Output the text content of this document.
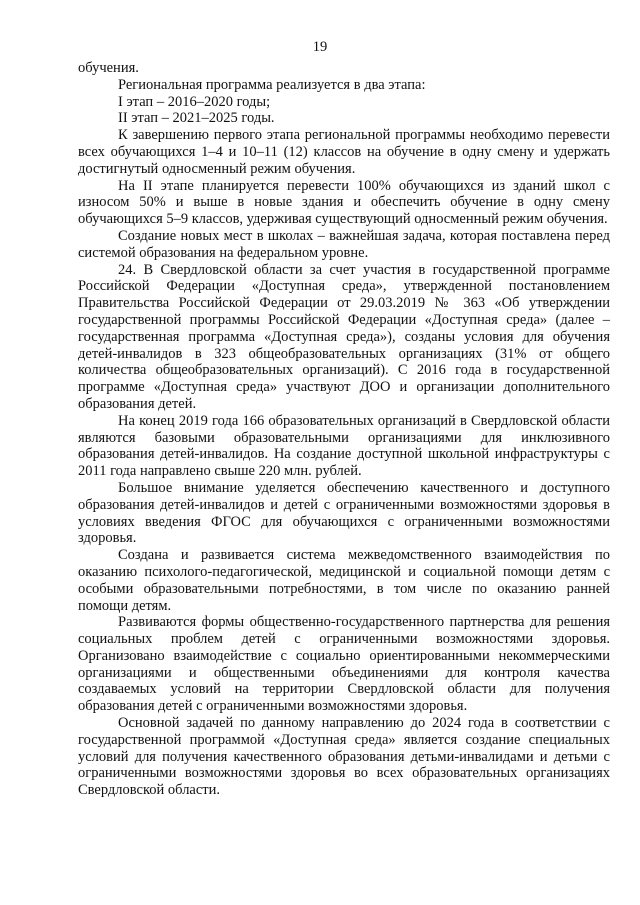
19

обучения.

Региональная программа реализуется в два этапа:

I этап – 2016–2020 годы;

II этап – 2021–2025 годы.

К завершению первого этапа региональной программы необходимо перевести всех обучающихся 1–4 и 10–11 (12) классов на обучение в одну смену и удержать достигнутый односменный режим обучения.

На II этапе планируется перевести 100% обучающихся из зданий школ с износом 50% и выше в новые здания и обеспечить обучение в одну смену обучающихся 5–9 классов, удерживая существующий односменный режим обучения.

Создание новых мест в школах – важнейшая задача, которая поставлена перед системой образования на федеральном уровне.

24. В Свердловской области за счет участия в государственной программе Российской Федерации «Доступная среда», утвержденной постановлением Правительства Российской Федерации от 29.03.2019 № 363 «Об утверждении государственной программы Российской Федерации «Доступная среда» (далее – государственная программа «Доступная среда»), созданы условия для обучения детей-инвалидов в 323 общеобразовательных организациях (31% от общего количества общеобразовательных организаций). С 2016 года в государственной программе «Доступная среда» участвуют ДОО и организации дополнительного образования детей.

На конец 2019 года 166 образовательных организаций в Свердловской области являются базовыми образовательными организациями для инклюзивного образования детей-инвалидов. На создание доступной школьной инфраструктуры с 2011 года направлено свыше 220 млн. рублей.

Большое внимание уделяется обеспечению качественного и доступного образования детей-инвалидов и детей с ограниченными возможностями здоровья в условиях введения ФГОС для обучающихся с ограниченными возможностями здоровья.

Создана и развивается система межведомственного взаимодействия по оказанию психолого-педагогической, медицинской и социальной помощи детям с особыми образовательными потребностями, в том числе по оказанию ранней помощи детям.

Развиваются формы общественно-государственного партнерства для решения социальных проблем детей с ограниченными возможностями здоровья. Организовано взаимодействие с социально ориентированными некоммерческими организациями и общественными объединениями для контроля качества создаваемых условий на территории Свердловской области для получения образования детей с ограниченными возможностями здоровья.

Основной задачей по данному направлению до 2024 года в соответствии с государственной программой «Доступная среда» является создание специальных условий для получения качественного образования детьми-инвалидами и детьми с ограниченными возможностями здоровья во всех образовательных организациях Свердловской области.
